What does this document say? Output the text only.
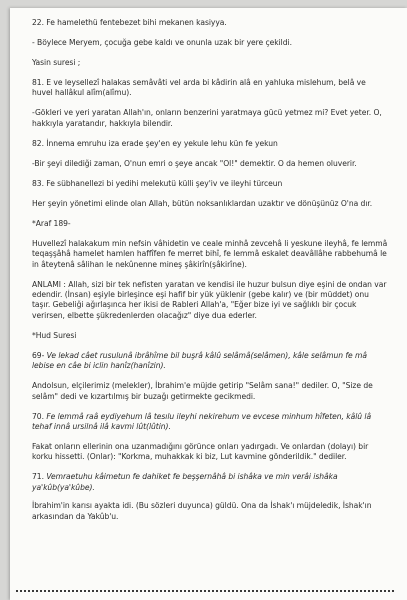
22. Fe hamelethü fentebezet bihi mekanen kasiyya.

- Böylece Meryem, çocuğa gebe kaldı ve onunla uzak bir yere çekildi.

Yasin suresi ;

81. E ve leysellezî halakas semâvâti vel arda bi kâdirin alâ en yahluka mislehum, belâ ve huvel hallâkul alîm(alîmu).

-Gökleri ve yeri yaratan Allah'ın, onların benzerini yaratmaya gücü yetmez mi? Evet yeter. O, hakkıyla yaratandır, hakkıyla bilendir.

82. İnnema emruhu iza erade şey'en ey yekule lehu kün fe yekun

-Bir şeyi dilediği zaman, O'nun emri o şeye ancak "Ol!" demektir. O da hemen oluverir.

83. Fe sübhanellezi bi yedihi melekutü külli şey'iv ve ileyhi türceun

Her şeyin yönetimi elinde olan Allah, bütün noksanlıklardan uzaktır ve dönüşünüz O'na dır.

*Araf 189-

Huvellezî halakakum min nefsin vâhidetin ve ceale minhâ zevcehâ li yeskune ileyhâ, fe lemmâ teqaşşâhâ hamelet hamlen haffîfen fe merret bihî, fe lemmâ eskalet deavâllâhe rabbehumâ le in âteytenâ sâlihan le nekûnenne mineş şâkirîn(şâkirîne).

ANLAMI : Allah, sizi bir tek nefisten yaratan ve kendisi ile huzur bulsun diye eşini de ondan var edendir. (İnsan) eşiyle birleşince eşi hafif bir yük yüklenir (gebe kalır) ve (bir müddet) onu taşır. Gebeliği ağırlaşınca her ikisi de Rableri Allah'a, "Eğer bize iyi ve sağlıklı bir çocuk verirsen, elbette şükredenlerden olacağız" diye dua ederler.

*Hud Suresi

69- Ve lekad câet rusulunâ ibrâhîme bil buşrâ kâlû selâmâ(selâmen), kâle selâmun fe mâ lebise en câe bi iclin hanîz(hanîzin).

Andolsun, elçilerimiz (melekler), İbrahim'e müjde getirip "Selâm sana!" dediler. O, "Size de selâm" dedi ve kızartılmış bir buzağı getirmekte gecikmedi.

70. Fe lemmâ raâ eydiyehum lâ tesılu ileyhi nekirehum ve evcese minhum hîfeten, kâlû lâ tehaf innâ ursilnâ ilâ kavmi lût(lûtin).

Fakat onların ellerinin ona uzanmadığını görünce onları yadırgadı. Ve onlardan (dolayı) bir korku hissetti. (Onlar): "Korkma, muhakkak ki biz, Lut kavmine gönderildik." dediler.

71. Vemraetuhu kâimetun fe dahiket fe beşşernâhâ bi ishâka ve min verâi ishâka ya'kûb(ya'kûbe).

İbrahim'in karısı ayakta idi. (Bu sözleri duyunca) güldü. Ona da İshak'ı müjdeledik, İshak'ın arkasından da Yakûb'u.
